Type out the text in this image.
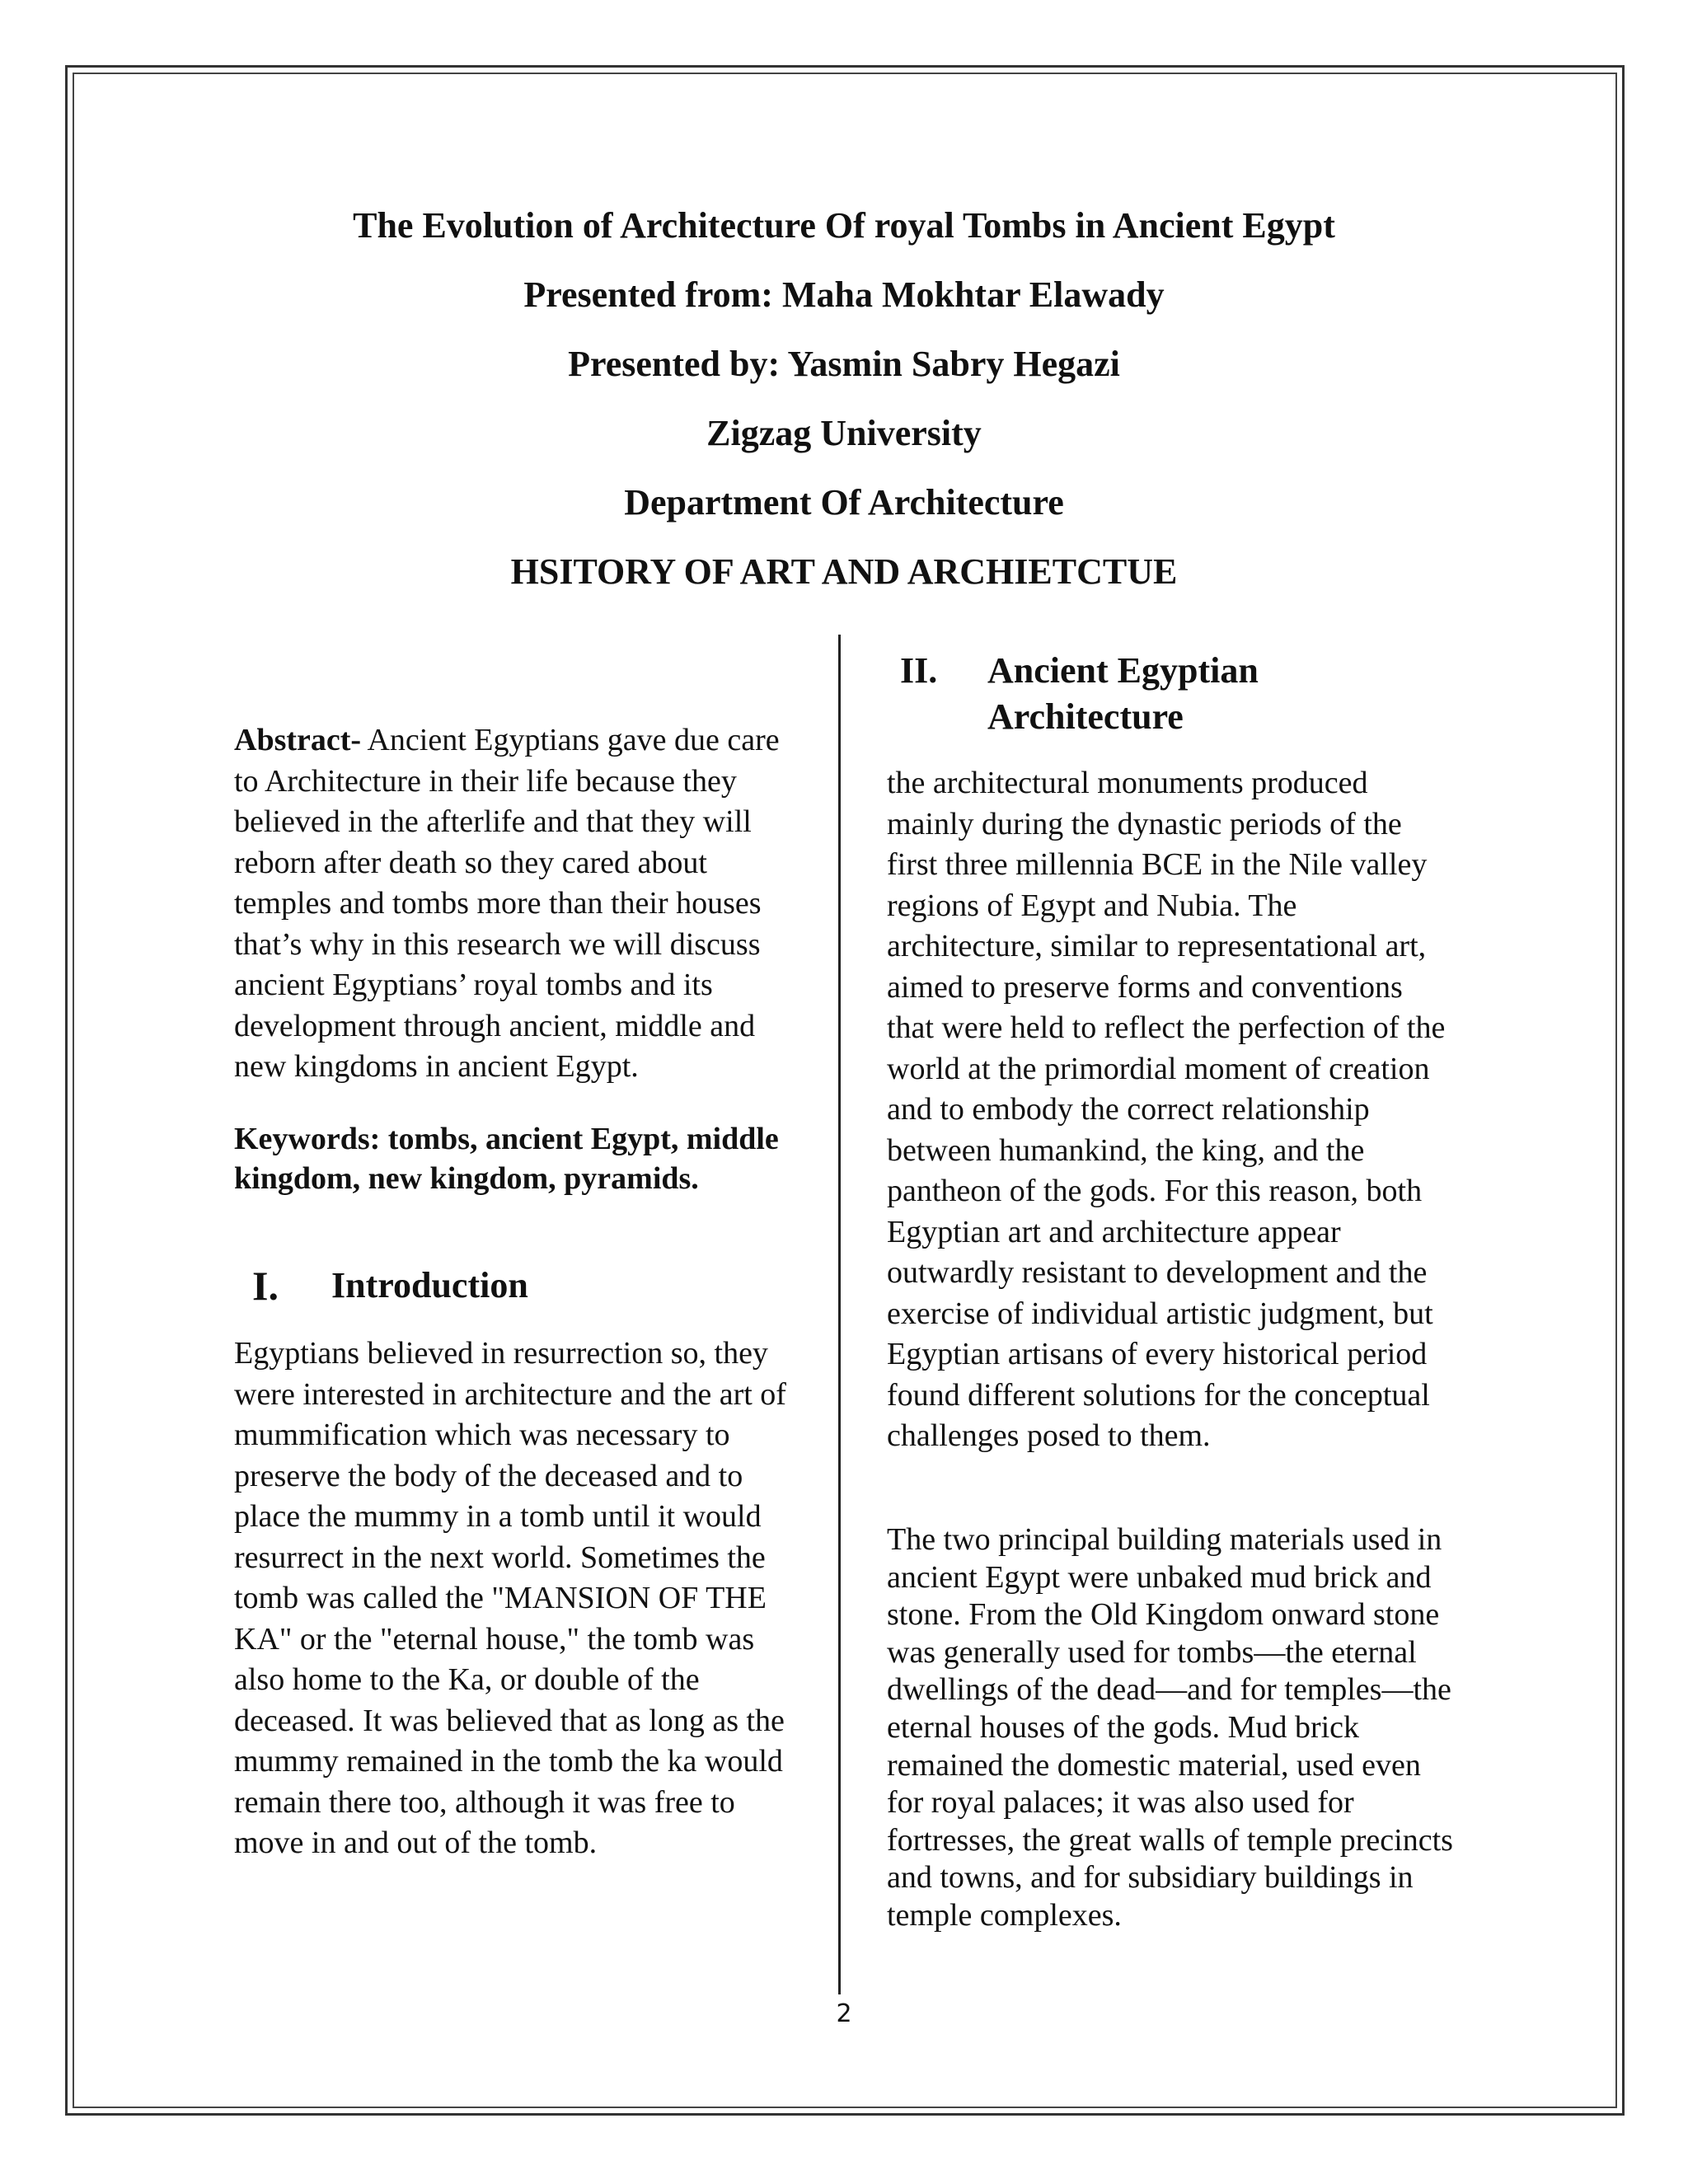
The Evolution of Architecture Of royal Tombs in Ancient Egypt

Presented from: Maha Mokhtar Elawady

Presented by: Yasmin Sabry Hegazi

Zigzag University

Department Of Architecture

HSITORY OF ART AND ARCHIETCTUE

Abstract- Ancient Egyptians gave due care to Architecture in their life because they believed in the afterlife and that they will reborn after death so they cared about temples and tombs more than their houses that’s why in this research we will discuss ancient Egyptians’ royal tombs and its development through ancient, middle and new kingdoms in ancient Egypt.

Keywords: tombs, ancient Egypt, middle kingdom, new kingdom, pyramids.

I.	Introduction

Egyptians believed in resurrection so, they were interested in architecture and the art of mummification which was necessary to preserve the body of the deceased and to place the mummy in a tomb until it would resurrect in the next world. Sometimes the tomb was called the "MANSION OF THE KA" or the "eternal house," the tomb was also home to the Ka, or double of the deceased. It was believed that as long as the mummy remained in the tomb the ka would remain there too, although it was free to move in and out of the tomb.

II.	Ancient Egyptian
Architecture

the architectural monuments produced mainly during the dynastic periods of the first three millennia BCE in the Nile valley regions of Egypt and Nubia. The architecture, similar to representational art, aimed to preserve forms and conventions that were held to reflect the perfection of the world at the primordial moment of creation and to embody the correct relationship between humankind, the king, and the pantheon of the gods. For this reason, both Egyptian art and architecture appear outwardly resistant to development and the exercise of individual artistic judgment, but Egyptian artisans of every historical period found different solutions for the conceptual challenges posed to them.

The two principal building materials used in ancient Egypt were unbaked mud brick and stone. From the Old Kingdom onward stone was generally used for tombs—the eternal dwellings of the dead—and for temples—the eternal houses of the gods. Mud brick remained the domestic material, used even for royal palaces; it was also used for fortresses, the great walls of temple precincts and towns, and for subsidiary buildings in temple complexes.

2
